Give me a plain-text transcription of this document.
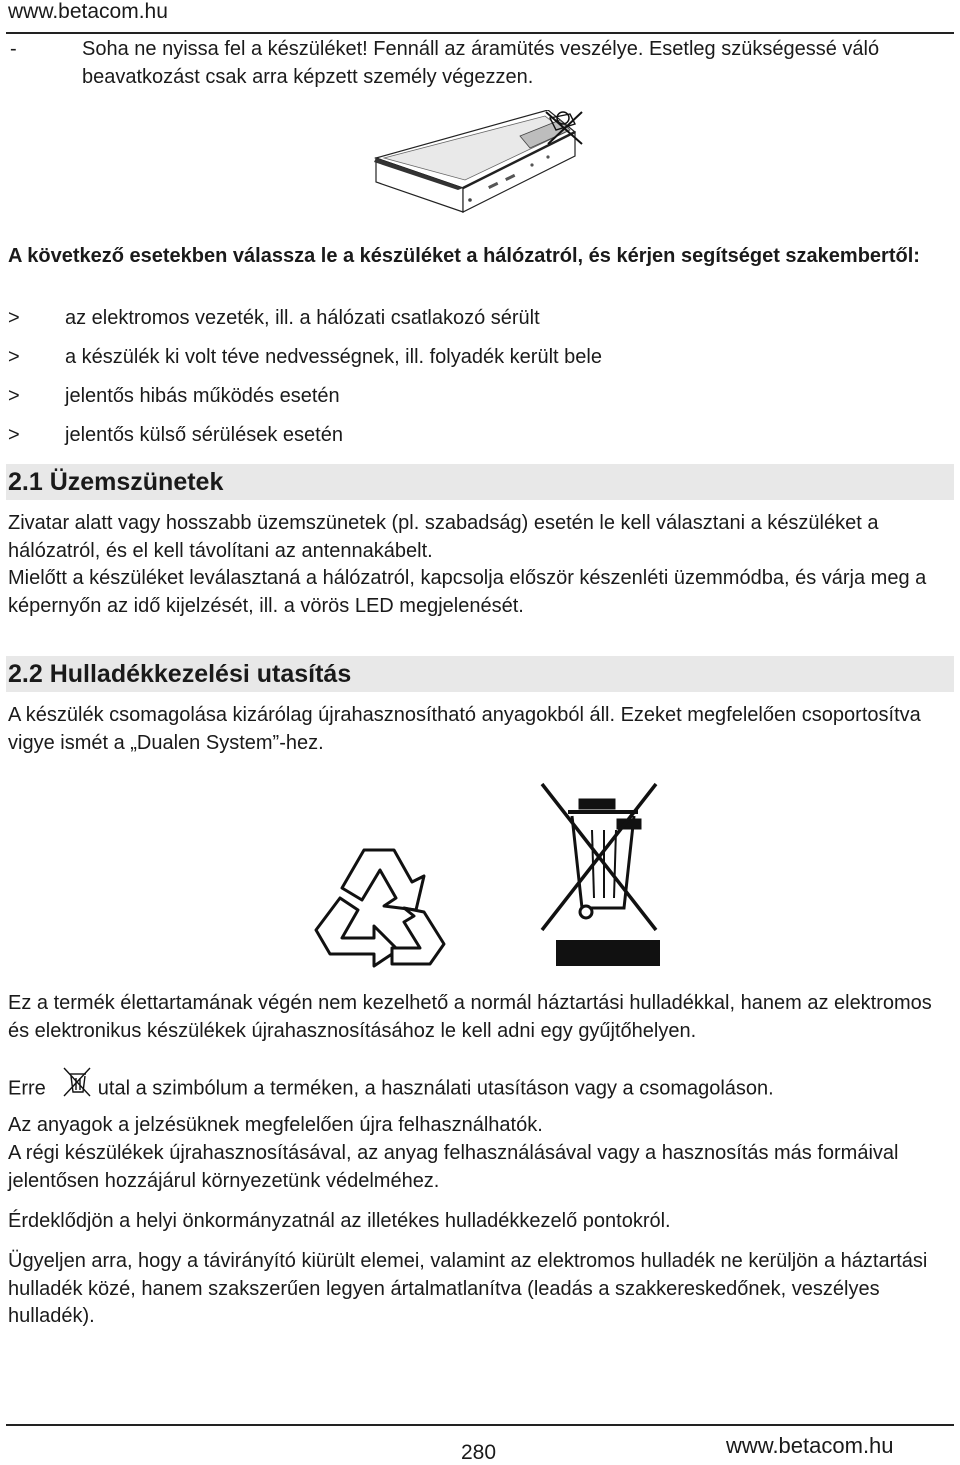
www.betacom.hu
-	Soha ne nyissa fel a készüléket! Fennáll az áramütés veszélye. Esetleg szükségessé váló beavatkozást csak arra képzett személy végezzen.
A következő esetekben válassza le a készüléket a hálózatról, és kérjen segítséget szakembertől:
> az elektromos vezeték, ill. a hálózati csatlakozó sérült
> a készülék ki volt téve nedvességnek, ill. folyadék került bele
> jelentős hibás működés esetén
> jelentős külső sérülések esetén
2.1 Üzemszünetek
Zivatar alatt vagy hosszabb üzemszünetek (pl. szabadság) esetén le kell választani a készüléket a hálózatról, és el kell távolítani az antennakábelt.
Mielőtt a készüléket leválasztaná a hálózatról, kapcsolja először készenléti üzemmódba, és várja meg a képernyőn az idő kijelzését, ill. a vörös LED megjelenését.
2.2 Hulladékkezelési utasítás
A készülék csomagolása kizárólag újrahasznosítható anyagokból áll. Ezeket megfelelően csoportosítva vigye ismét a „Dualen System”-hez.
Ez a termék élettartamának végén nem kezelhető a normál háztartási hulladékkal, hanem az elektromos és elektronikus készülékek újrahasznosításához le kell adni egy gyűjtőhelyen.
Erre	utal a szimbólum a terméken, a használati utasításon vagy a csomagoláson.
Az anyagok a jelzésüknek megfelelően újra felhasználhatók.
A régi készülékek újrahasznosításával, az anyag felhasználásával vagy a hasznosítás más formáival jelentősen hozzájárul környezetünk védelméhez.
Érdeklődjön a helyi önkormányzatnál az illetékes hulladékkezelő pontokról.
Ügyeljen arra, hogy a távirányító kiürült elemei, valamint az elektromos hulladék ne kerüljön a háztartási hulladék közé, hanem szakszerűen legyen ártalmatlanítva (leadás a szakkereskedőnek, veszélyes hulladék).
280	www.betacom.hu
